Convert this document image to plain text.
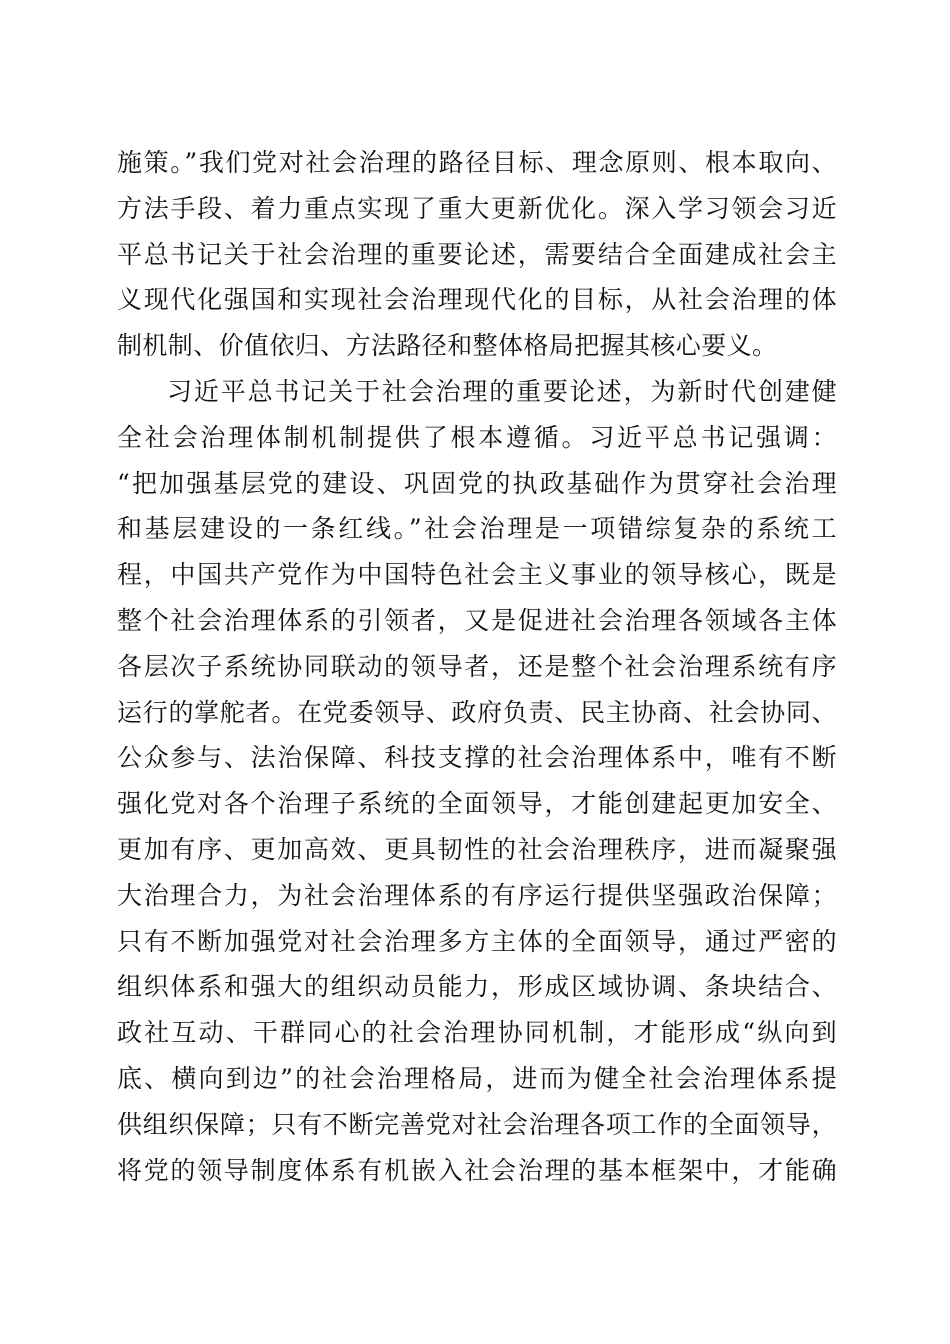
施策。”我们党对社会治理的路径目标、理念原则、根本取向、
方法手段、着力重点实现了重大更新优化。深入学习领会习近
平总书记关于社会治理的重要论述，需要结合全面建成社会主
义现代化强国和实现社会治理现代化的目标，从社会治理的体
制机制、价值依归、方法路径和整体格局把握其核心要义。
习近平总书记关于社会治理的重要论述，为新时代创建健
全社会治理体制机制提供了根本遵循。习近平总书记强调：
“把加强基层党的建设、巩固党的执政基础作为贯穿社会治理
和基层建设的一条红线。”社会治理是一项错综复杂的系统工
程，中国共产党作为中国特色社会主义事业的领导核心，既是
整个社会治理体系的引领者，又是促进社会治理各领域各主体
各层次子系统协同联动的领导者，还是整个社会治理系统有序
运行的掌舵者。在党委领导、政府负责、民主协商、社会协同、
公众参与、法治保障、科技支撑的社会治理体系中，唯有不断
强化党对各个治理子系统的全面领导，才能创建起更加安全、
更加有序、更加高效、更具韧性的社会治理秩序，进而凝聚强
大治理合力，为社会治理体系的有序运行提供坚强政治保障；
只有不断加强党对社会治理多方主体的全面领导，通过严密的
组织体系和强大的组织动员能力，形成区域协调、条块结合、
政社互动、干群同心的社会治理协同机制，才能形成“纵向到
底、横向到边”的社会治理格局，进而为健全社会治理体系提
供组织保障；只有不断完善党对社会治理各项工作的全面领导，
将党的领导制度体系有机嵌入社会治理的基本框架中，才能确
